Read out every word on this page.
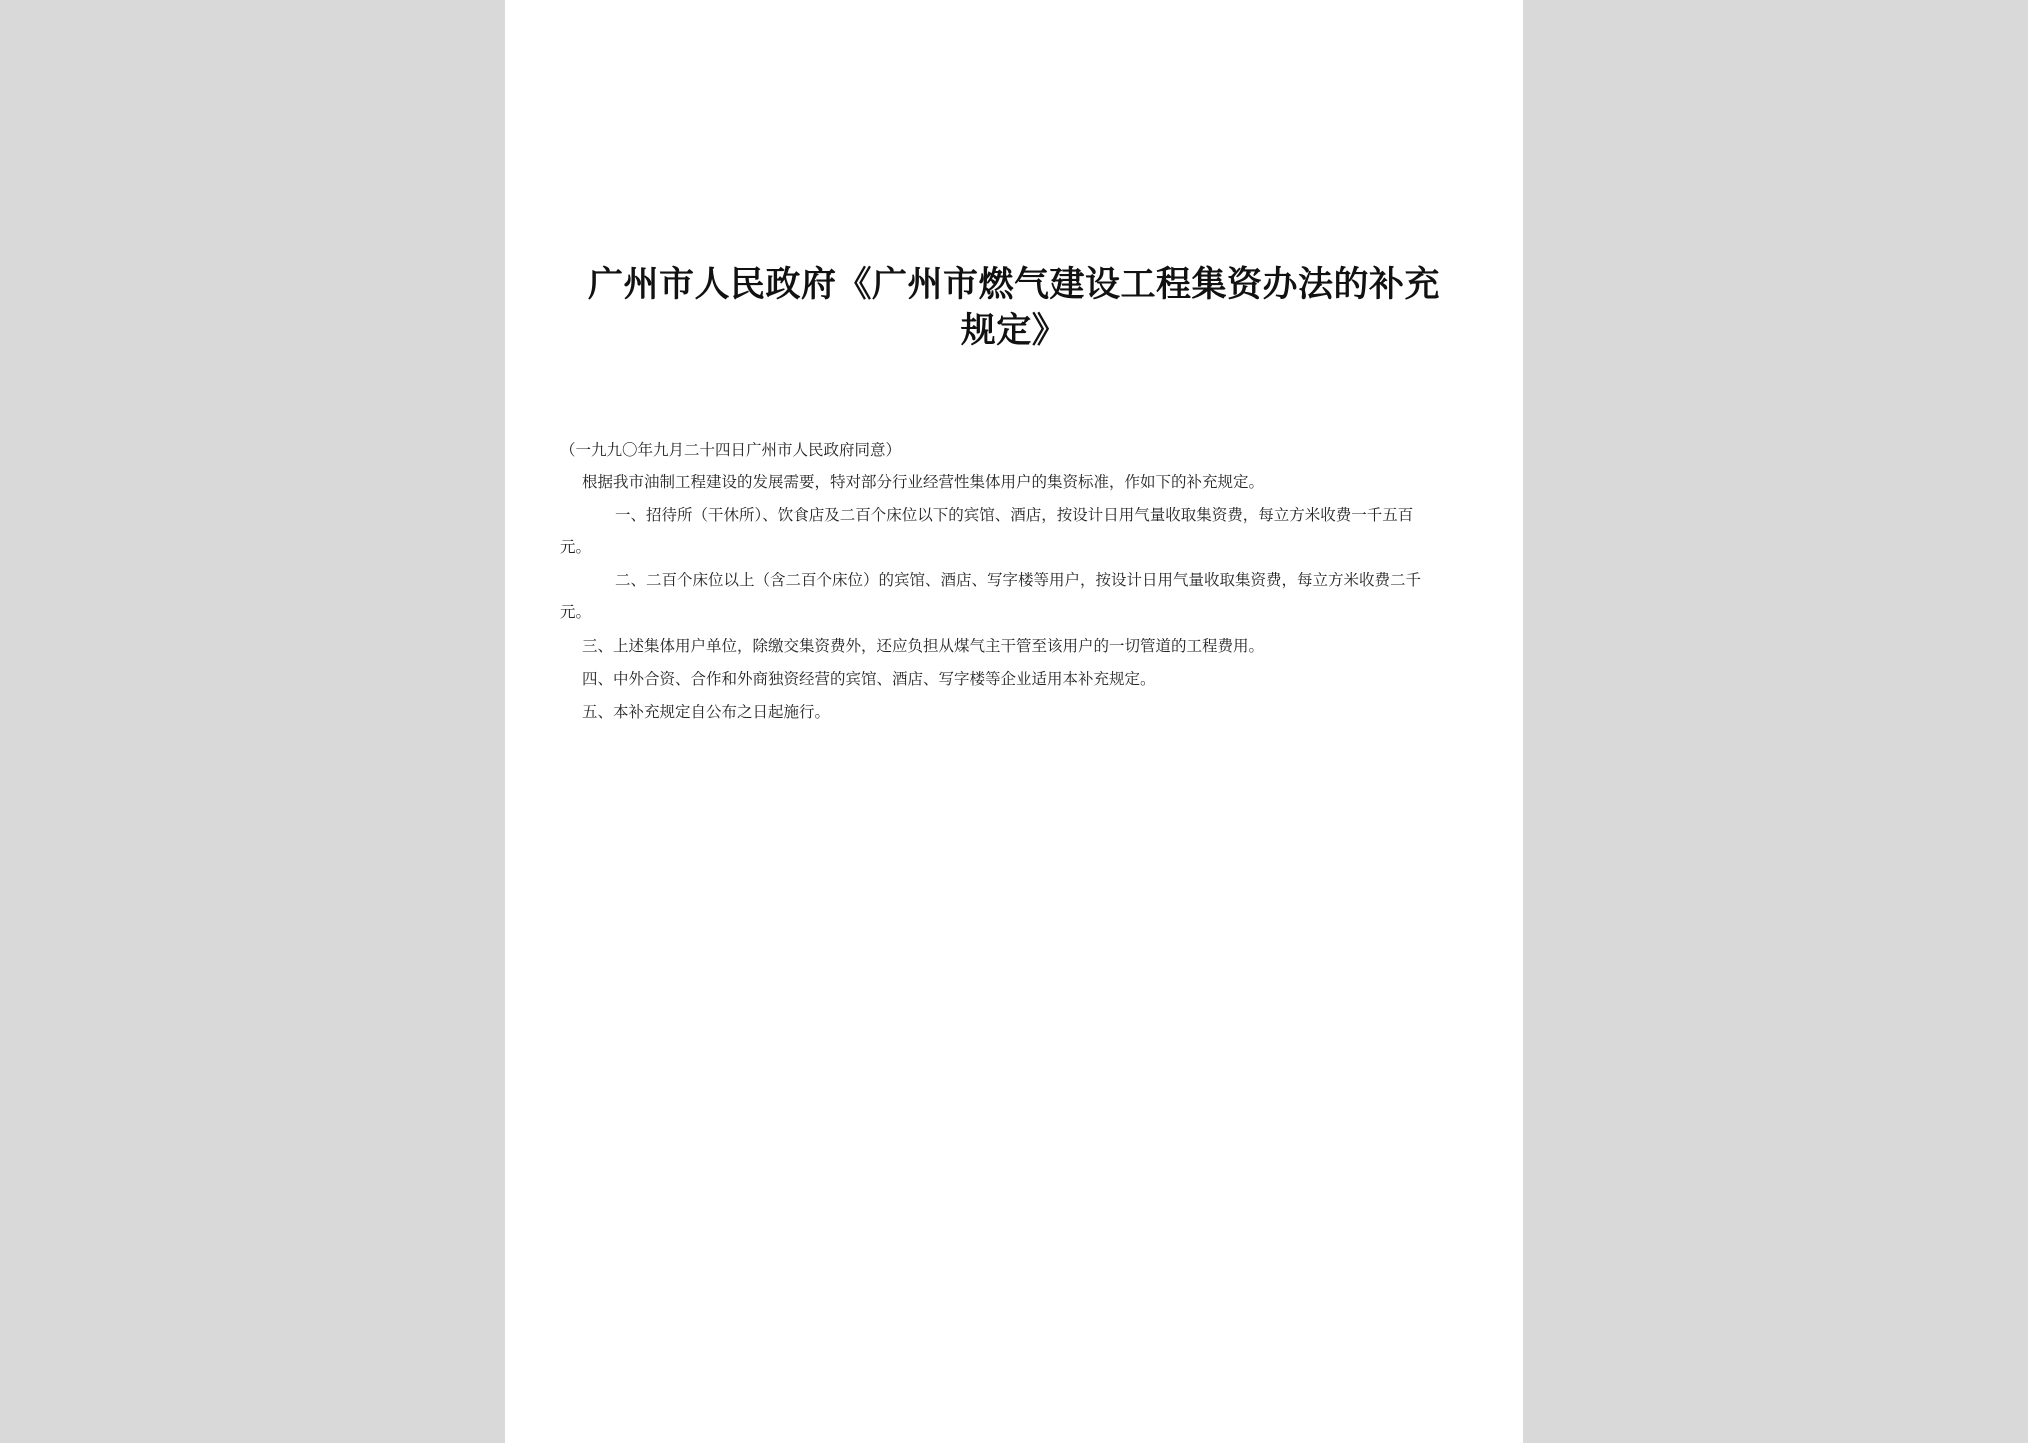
广州市人民政府《广州市燃气建设工程集资办法的补充
规定》
（一九九〇年九月二十四日广州市人民政府同意）
根据我市油制工程建设的发展需要，特对部分行业经营性集体用户的集资标准，作如下的补充规定。
一、招待所（干休所）、饮食店及二百个床位以下的宾馆、酒店，按设计日用气量收取集资费，每立方米收费一千五百
元。
二、二百个床位以上（含二百个床位）的宾馆、酒店、写字楼等用户，按设计日用气量收取集资费，每立方米收费二千
元。
三、上述集体用户单位，除缴交集资费外，还应负担从煤气主干管至该用户的一切管道的工程费用。
四、中外合资、合作和外商独资经营的宾馆、酒店、写字楼等企业适用本补充规定。
五、本补充规定自公布之日起施行。
